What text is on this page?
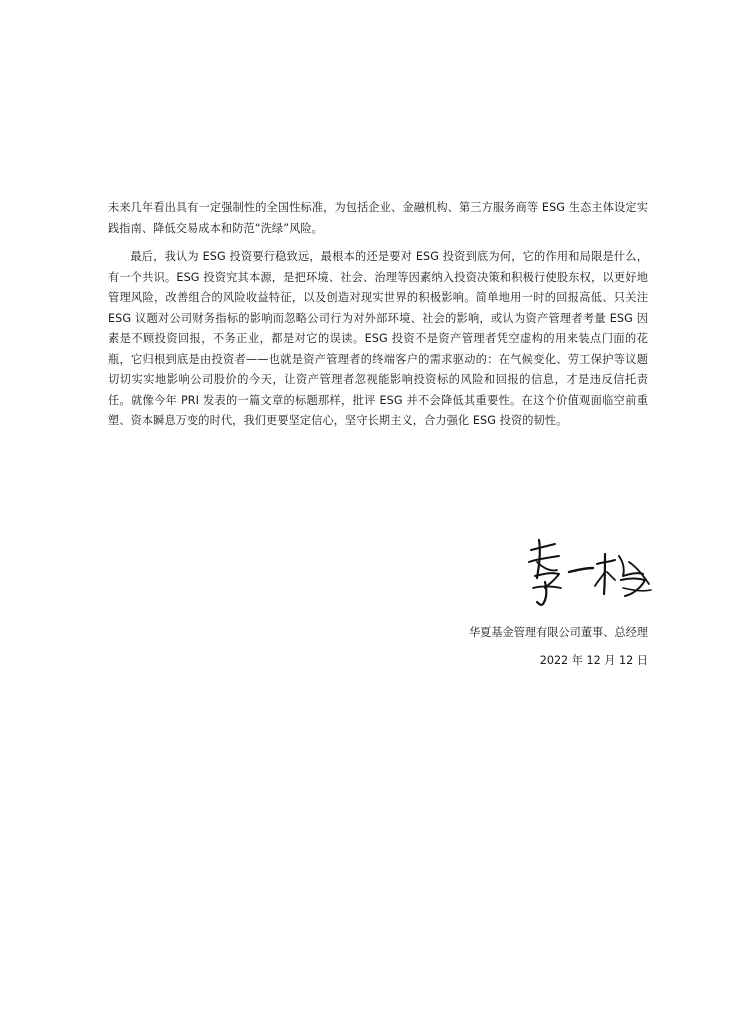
未来几年看出具有一定强制性的全国性标准，为包括企业、金融机构、第三方服务商等 ESG 生态主体设定实践指南、降低交易成本和防范“洗绿”风险。

最后，我认为 ESG 投资要行稳致远，最根本的还是要对 ESG 投资到底为何，它的作用和局限是什么，有一个共识。ESG 投资究其本源，是把环境、社会、治理等因素纳入投资决策和积极行使股东权，以更好地管理风险，改善组合的风险收益特征，以及创造对现实世界的积极影响。简单地用一时的回报高低、只关注 ESG 议题对公司财务指标的影响而忽略公司行为对外部环境、社会的影响，或认为资产管理者考量 ESG 因素是不顾投资回报，不务正业，都是对它的误读。ESG 投资不是资产管理者凭空虚构的用来装点门面的花瓶，它归根到底是由投资者——也就是资产管理者的终端客户的需求驱动的：在气候变化、劳工保护等议题切切实实地影响公司股价的今天，让资产管理者忽视能影响投资标的风险和回报的信息，才是违反信托责任。就像今年 PRI 发表的一篇文章的标题那样，批评 ESG 并不会降低其重要性。在这个价值观面临空前重塑、资本瞬息万变的时代，我们更要坚定信心，坚守长期主义，合力强化 ESG 投资的韧性。

华夏基金管理有限公司董事、总经理
2022 年 12 月 12 日
